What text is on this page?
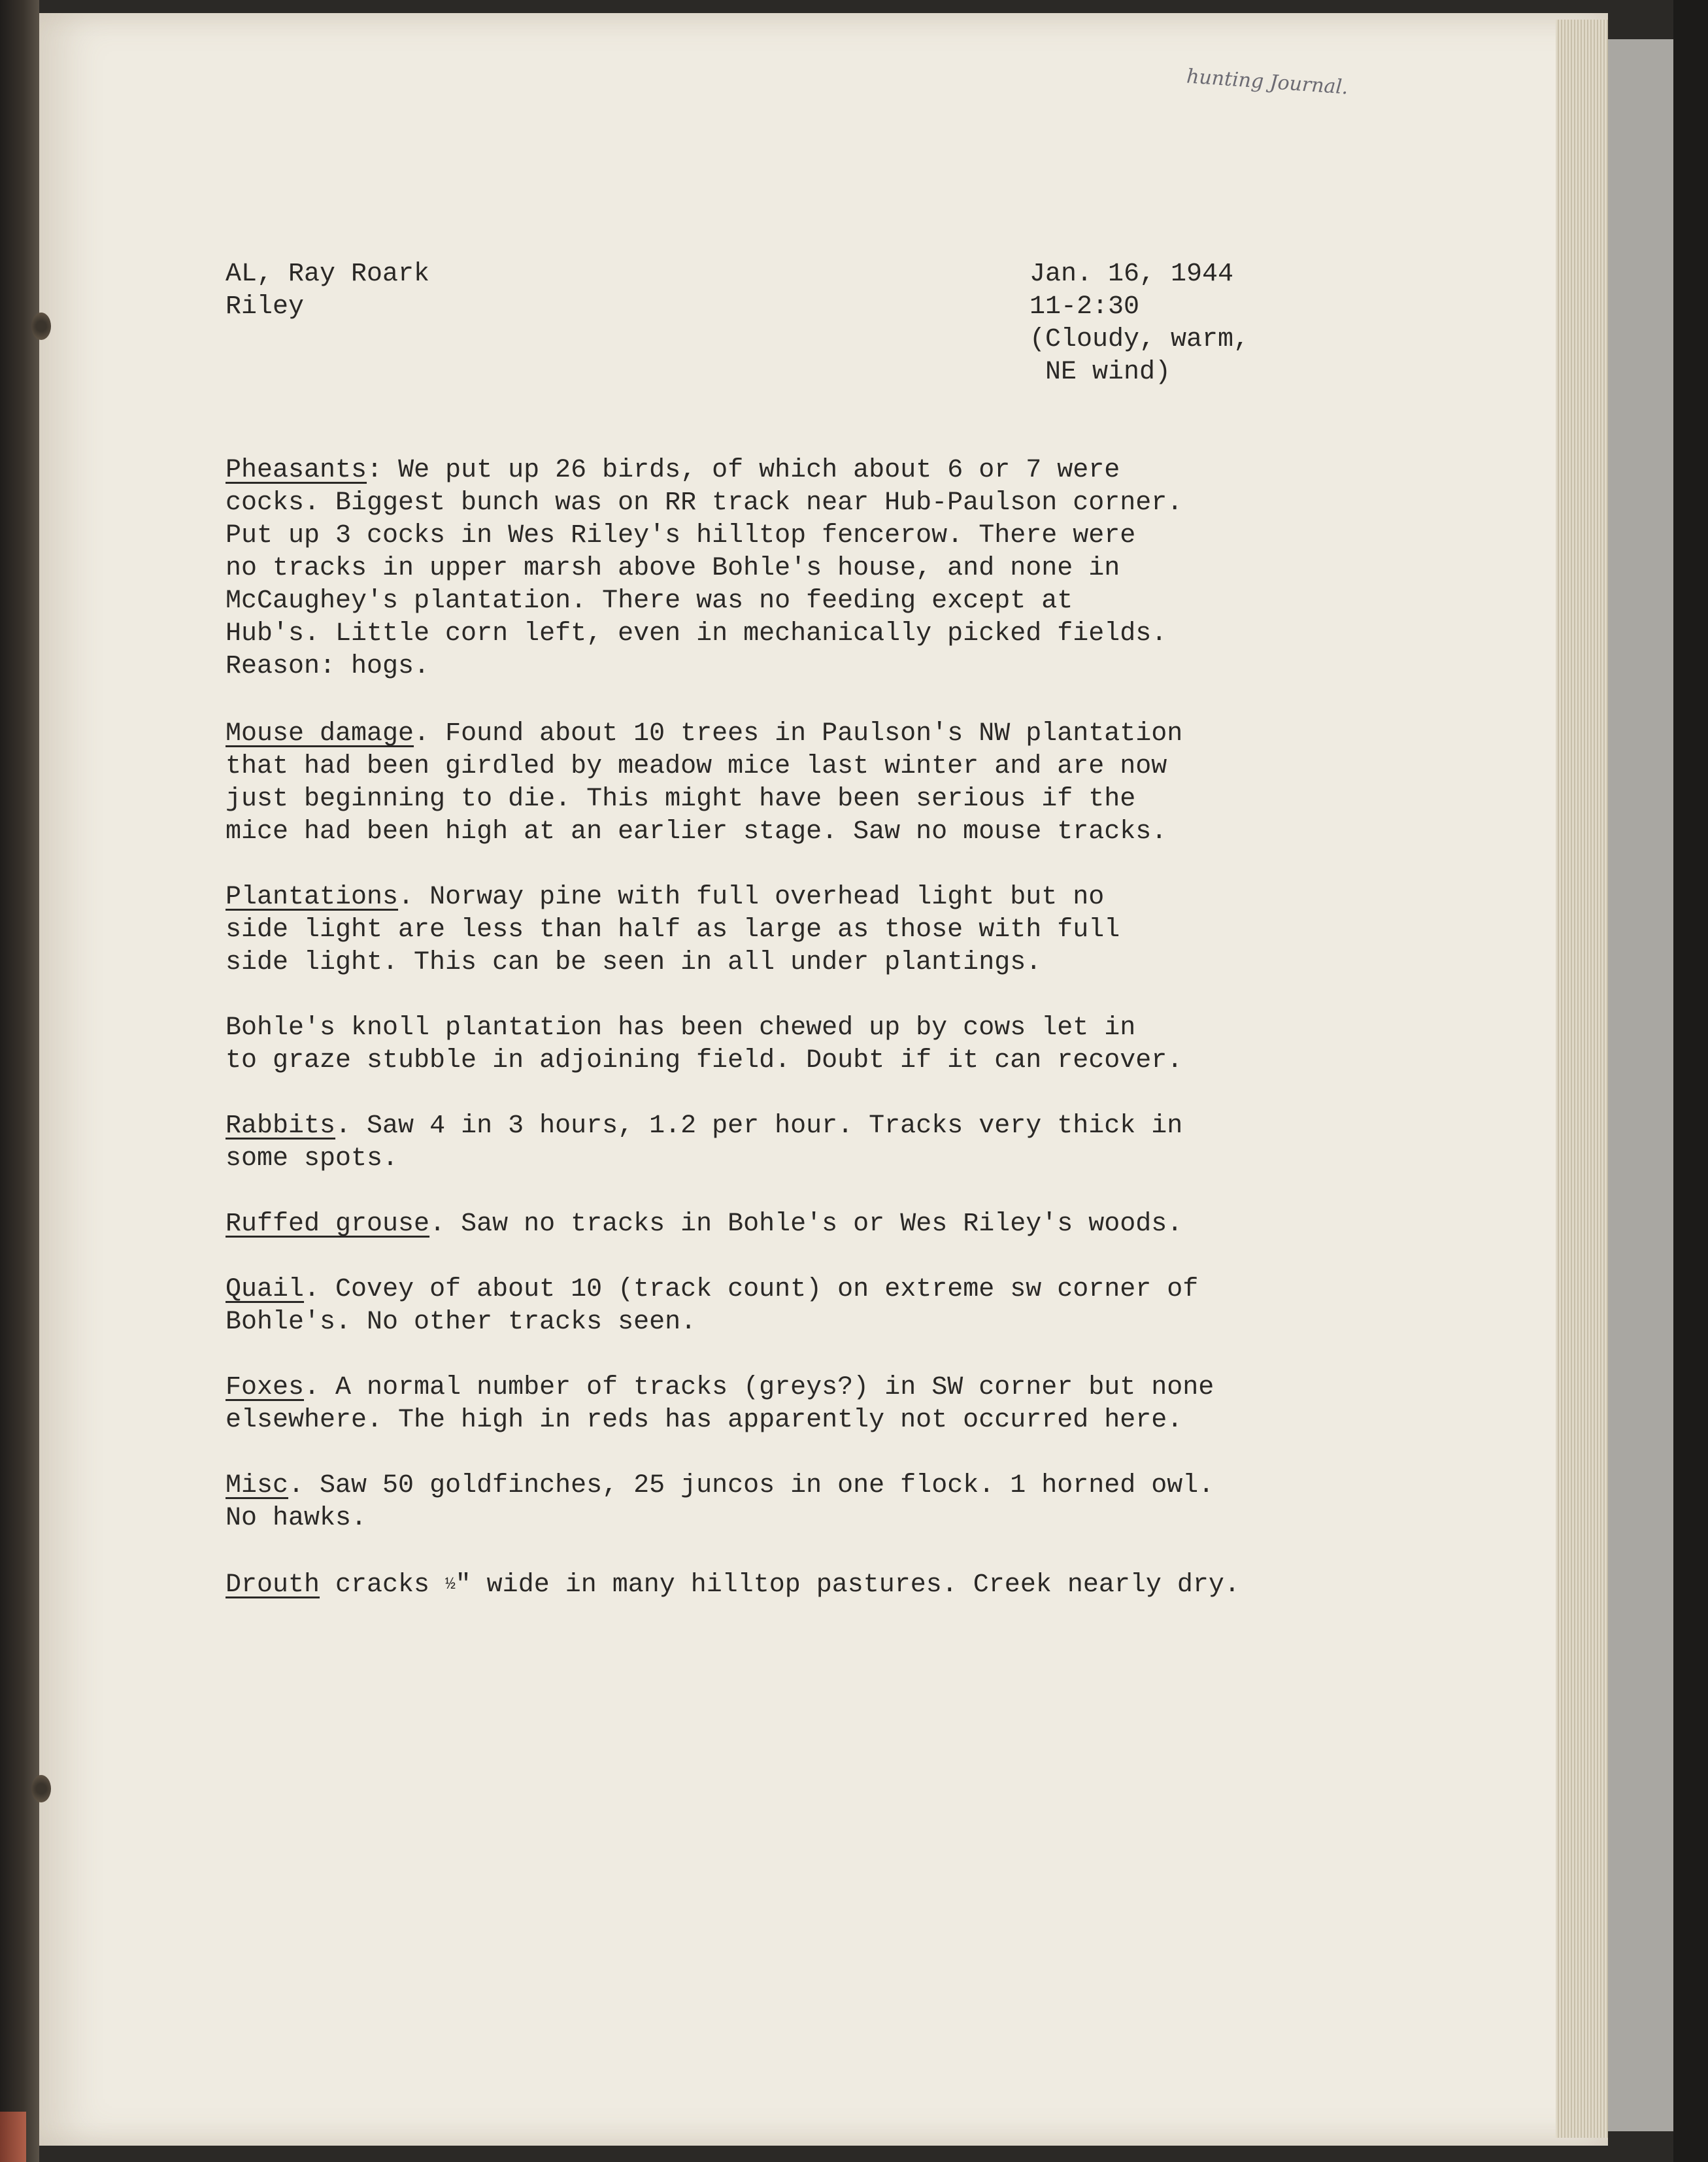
hunting Journal.
AL, Ray Roark
Riley
Jan. 16, 1944
11-2:30
(Cloudy, warm,
NE wind)

Pheasants: We put up 26 birds, of which about 6 or 7 were
cocks. Biggest bunch was on RR track near Hub-Paulson corner.
Put up 3 cocks in Wes Riley's hilltop fencerow. There were
no tracks in upper marsh above Bohle's house, and none in
McCaughey's plantation. There was no feeding except at
Hub's. Little corn left, even in mechanically picked fields.
Reason: hogs.

Mouse damage. Found about 10 trees in Paulson's NW plantation
that had been girdled by meadow mice last winter and are now
just beginning to die. This might have been serious if the
mice had been high at an earlier stage. Saw no mouse tracks.

Plantations. Norway pine with full overhead light but no
side light are less than half as large as those with full
side light. This can be seen in all under plantings.

Bohle's knoll plantation has been chewed up by cows let in
to graze stubble in adjoining field. Doubt if it can recover.

Rabbits. Saw 4 in 3 hours, 1.2 per hour. Tracks very thick in
some spots.

Ruffed grouse. Saw no tracks in Bohle's or Wes Riley's woods.

Quail. Covey of about 10 (track count) on extreme sw corner of
Bohle's. No other tracks seen.

Foxes. A normal number of tracks (greys?) in SW corner but none
elsewhere. The high in reds has apparently not occurred here.

Misc. Saw 50 goldfinches, 25 juncos in one flock. 1 horned owl.
No hawks.

Drouth cracks ½" wide in many hilltop pastures. Creek nearly dry.
